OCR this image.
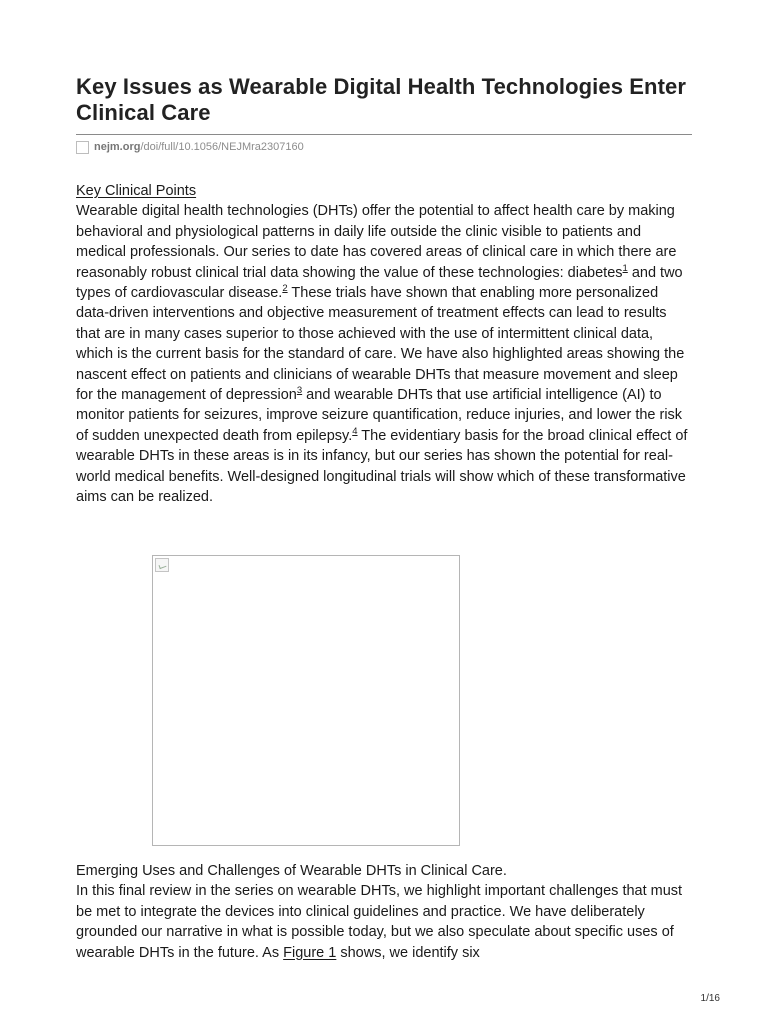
Key Issues as Wearable Digital Health Technologies Enter Clinical Care
nejm.org /doi/full/10.1056/NEJMra2307160
Key Clinical Points

Wearable digital health technologies (DHTs) offer the potential to affect health care by making behavioral and physiological patterns in daily life outside the clinic visible to patients and medical professionals. Our series to date has covered areas of clinical care in which there are reasonably robust clinical trial data showing the value of these technologies: diabetes$^1$ and two types of cardiovascular disease.$^2$ These trials have shown that enabling more personalized data-driven interventions and objective measurement of treatment effects can lead to results that are in many cases superior to those achieved with the use of intermittent clinical data, which is the current basis for the standard of care. We have also highlighted areas showing the nascent effect on patients and clinicians of wearable DHTs that measure movement and sleep for the management of depression$^3$ and wearable DHTs that use artificial intelligence (AI) to monitor patients for seizures, improve seizure quantification, reduce injuries, and lower the risk of sudden unexpected death from epilepsy.$^4$ The evidentiary basis for the broad clinical effect of wearable DHTs in these areas is in its infancy, but our series has shown the potential for real-world medical benefits. Well-designed longitudinal trials will show which of these transformative aims can be realized.

Emerging Uses and Challenges of Wearable DHTs in Clinical Care.

In this final review in the series on wearable DHTs, we highlight important challenges that must be met to integrate the devices into clinical guidelines and practice. We have deliberately grounded our narrative in what is possible today, but we also speculate about specific uses of wearable DHTs in the future. As Figure 1 shows, we identify six

1/16
